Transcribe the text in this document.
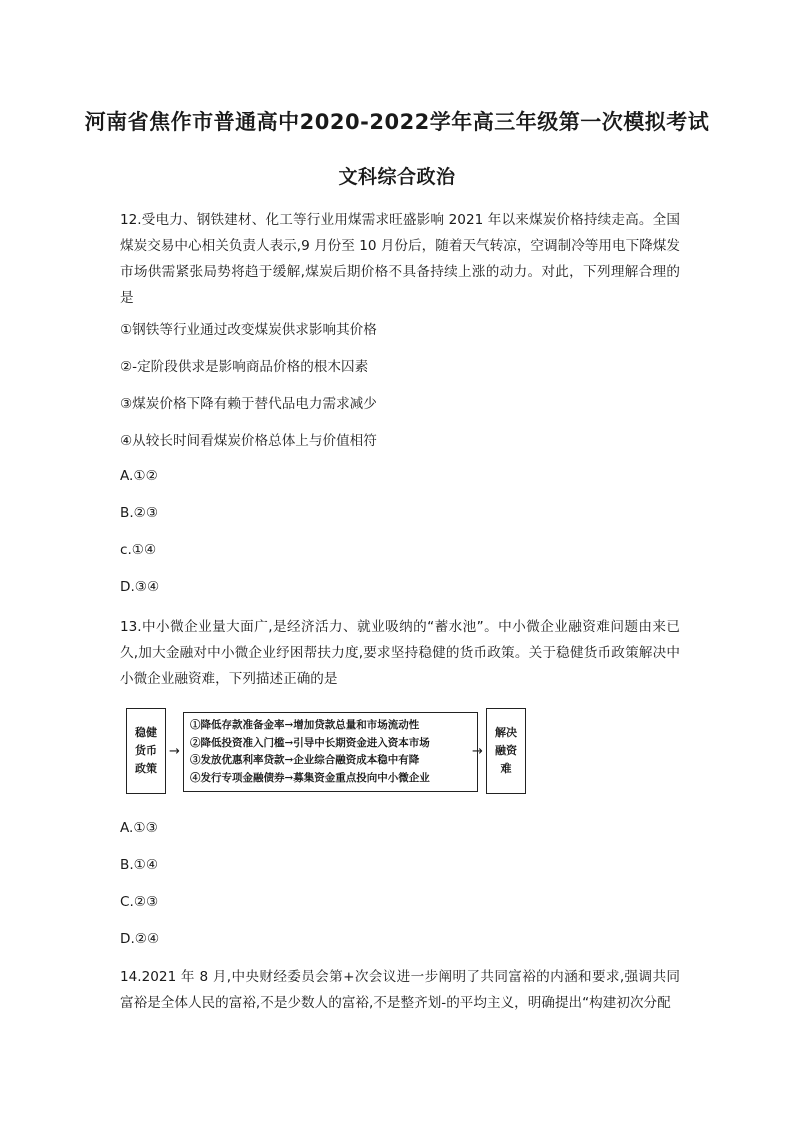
河南省焦作市普通高中2020-2022学年高三年级第一次模拟考试
文科综合政治
12.受电力、钢铁建材、化工等行业用煤需求旺盛影响 2021 年以来煤炭价格持续走高。全国煤炭交易中心相关负责人表示,9 月份至 10 月份后，随着天气转凉，空调制冷等用电下降煤发市场供需紧张局势将趋于缓解,煤炭后期价格不具备持续上涨的动力。对此，下列理解合理的是
①钢铁等行业通过改变煤炭供求影响其价格
②-定阶段供求是影响商品价格的根木囚素
③煤炭价格下降有赖于替代品电力需求减少
④从较长时间看煤炭价格总体上与价值相符
A.①②
B.②③
c.①④
D.③④
13.中小微企业量大面广,是经济活力、就业吸纳的“蓄水池”。中小微企业融资难问题由来已久,加大金融对中小微企业纾困帮扶力度,要求坚持稳健的货币政策。关于稳健货币政策解决中小微企业融资难，下列描述正确的是
稳健货币政策
→
①降低存款准备金率→增加贷款总量和市场流动性
②降低投资准入门槛→引导中长期资金进入资本市场
③发放优惠利率贷款→企业综合融资成本稳中有降
④发行专项金融债券→募集资金重点投向中小微企业
→
解决融资难
A.①③
B.①④
C.②③
D.②④
14.2021 年 8 月,中央财经委员会第+次会议进一步阐明了共同富裕的内涵和要求,强调共同富裕是全体人民的富裕,不是少数人的富裕,不是整齐划-的平均主义，明确提出“构建初次分配
